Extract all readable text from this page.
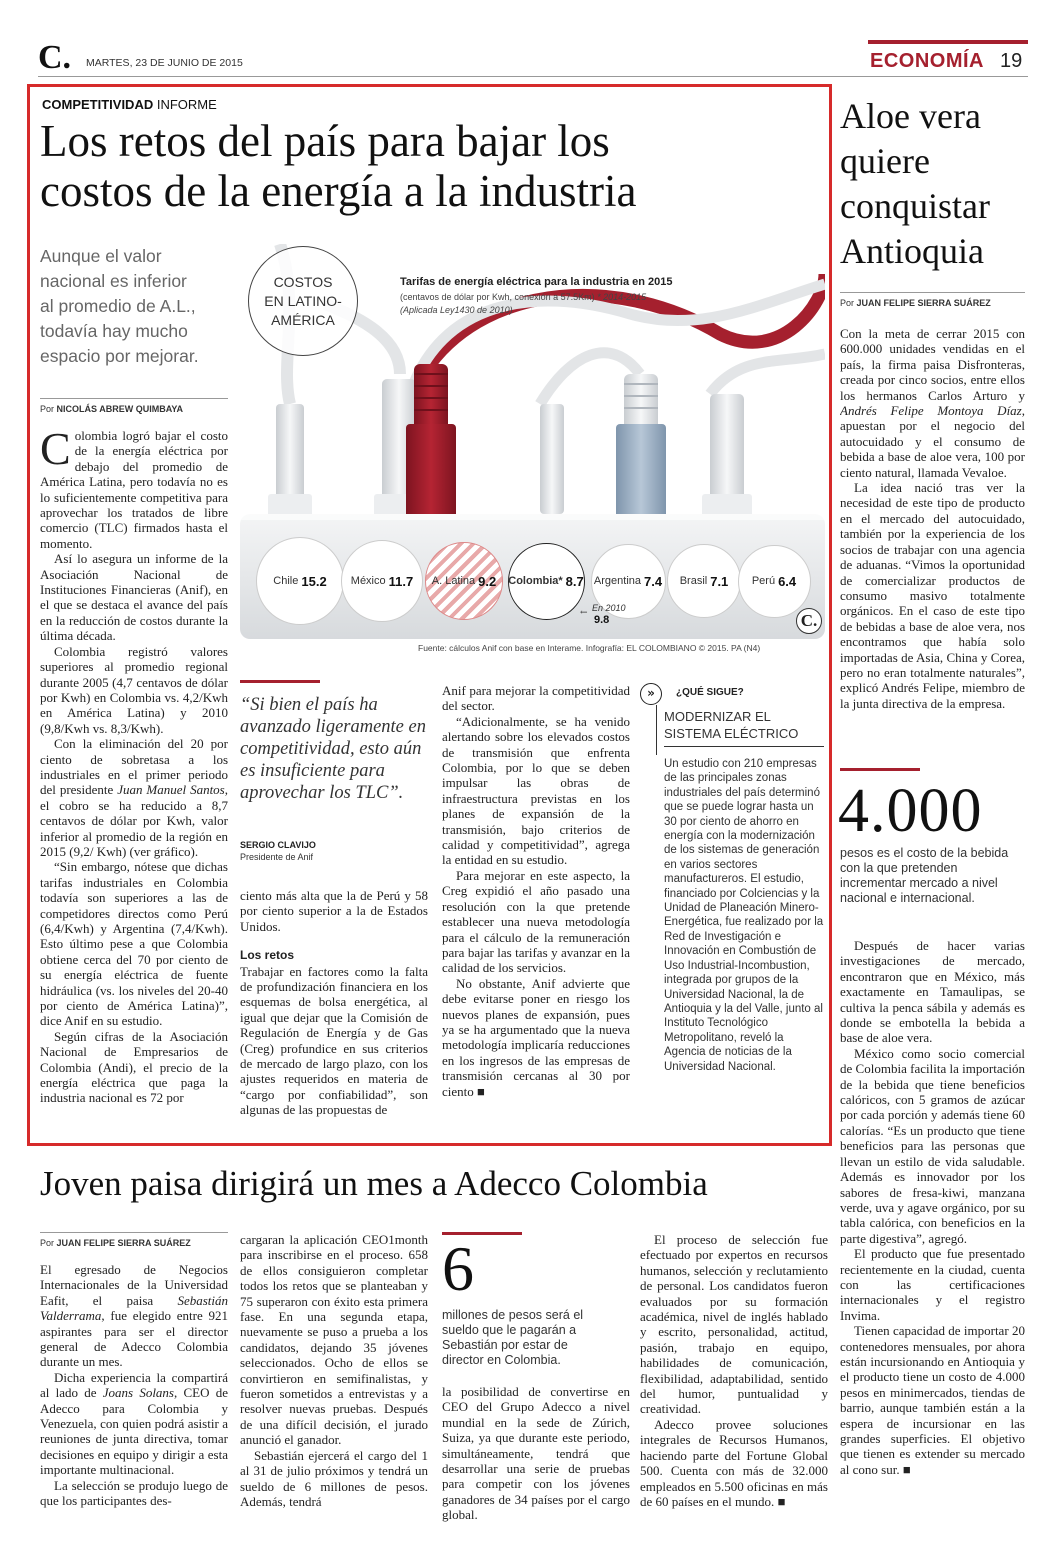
C. MARTES, 23 DE JUNIO DE 2015	ECONOMÍA 19
COMPETITIVIDAD INFORME
Los retos del país para bajar los
costos de la energía a la industria
Aunque el valor
nacional es inferior
al promedio de A.L.,
todavía hay mucho
espacio por mejorar.
Por NICOLÁS ABREW QUIMBAYA

Colombia logró bajar el costo de la energía eléctrica por debajo del promedio de América Latina, pero todavía no es lo suficientemente competitiva para aprovechar los tratados de libre comercio (TLC) firmados hasta el momento.

Así lo asegura un informe de la Asociación Nacional de Instituciones Financieras (Anif), en el que se destaca el avance del país en la reducción de costos durante la última década.

Colombia registró valores superiores al promedio regional durante 2005 (4,7 centavos de dólar por Kwh) en Colombia vs. 4,2/Kwh en América Latina) y 2010 (9,8/Kwh vs. 8,3/Kwh).

Con la eliminación del 20 por ciento de sobretasa a los industriales en el primer periodo del presidente Juan Manuel Santos, el cobro se ha reducido a 8,7 centavos de dólar por Kwh, valor inferior al promedio de la región en 2015 (9,2/ Kwh) (ver gráfico).

“Sin embargo, nótese que dichas tarifas industriales en Colombia todavía son superiores a las de competidores directos como Perú (6,4/Kwh) y Argentina (7,4/Kwh). Esto último pese a que Colombia obtiene cerca del 70 por ciento de su energía eléctrica de fuente hidráulica (vs. los niveles del 20-40 por ciento de América Latina)”, dice Anif en su estudio.

Según cifras de la Asociación Nacional de Empresarios de Colombia (Andi), el precio de la energía eléctrica que paga la industria nacional es 72 por

COSTOS
EN LATINO-
AMÉRICA
Tarifas de energía eléctrica para la industria en 2015
(centavos de dólar por Kwh, conexión a 57.5Km) * 2014-2015
(Aplicada Ley1430 de 2010)
Chile 15.2 México 11.7 A. Latina 9.2 Colombia* 8.7 Argentina 7.4 Brasil 7.1 Perú 6.4
En 2010
9.8
←	C.
Fuente: cálculos Anif con base en Interame. Infografía: EL COLOMBIANO © 2015. PA (N4)
“Si bien el país ha avanzado ligeramente en competitividad, esto aún es insuficiente para aprovechar los TLC”.
SERGIO CLAVIJO
Presidente de Anif

ciento más alta que la de Perú y 58 por ciento superior a la de Estados Unidos.

Los retos

Trabajar en factores como la falta de profundización financiera en los esquemas de bolsa energética, al igual que dejar que la Comisión de Regulación de Energía y de Gas (Creg) profundice en sus criterios de mercado de largo plazo, con los ajustes requeridos en materia de “cargo por confiabilidad”, son algunas de las propuestas de

Anif para mejorar la competitividad del sector.

“Adicionalmente, se ha venido alertando sobre los elevados costos de transmisión que enfrenta Colombia, por lo que se deben impulsar las obras de infraestructura previstas en los planes de expansión de la transmisión, bajo criterios de calidad y competitividad”, agrega la entidad en su estudio.

Para mejorar en este aspecto, la Creg expidió el año pasado una resolución con la que pretende establecer una nueva metodología para el cálculo de la remuneración para bajar las tarifas y avanzar en la calidad de los servicios.

No obstante, Anif advierte que debe evitarse poner en riesgo los nuevos planes de expansión, pues ya se ha argumentado que la nueva metodología implicaría reducciones en los ingresos de las empresas de transmisión cercanas al 30 por ciento ■

»	¿QUÉ SIGUE?
MODERNIZAR EL SISTEMA ELÉCTRICO
Un estudio con 210 empresas de las principales zonas industriales del país determinó que se puede lograr hasta un 30 por ciento de ahorro en energía con la modernización de los sistemas de generación en varios sectores manufactureros. El estudio, financiado por Colciencias y la Unidad de Planeación Minero-Energética, fue realizado por la Red de Investigación e Innovación en Combustión de Uso Industrial-Incombustion, integrada por grupos de la Universidad Nacional, la de Antioquia y la del Valle, junto al Instituto Tecnológico Metropolitano, reveló la Agencia de noticias de la Universidad Nacional.
Aloe vera
quiere
conquistar
Antioquia
Por JUAN FELIPE SIERRA SUÁREZ

Con la meta de cerrar 2015 con 600.000 unidades vendidas en el país, la firma paisa Disfronteras, creada por cinco socios, entre ellos los hermanos Carlos Arturo y Andrés Felipe Montoya Díaz, apuestan por el negocio del autocuidado y el consumo de bebida a base de aloe vera, 100 por ciento natural, llamada Vevaloe.

La idea nació tras ver la necesidad de este tipo de producto en el mercado del autocuidado, también por la experiencia de los socios de trabajar con una agencia de aduanas. “Vimos la oportunidad de comercializar productos de consumo masivo totalmente orgánicos. En el caso de este tipo de bebidas a base de aloe vera, nos encontramos que había solo importadas de Asia, China y Corea, pero no eran totalmente naturales”, explicó Andrés Felipe, miembro de la junta directiva de la empresa.

4.000
pesos es el costo de la bebida con la que pretenden incrementar mercado a nivel nacional e internacional.

Después de hacer varias investigaciones de mercado, encontraron que en México, más exactamente en Tamaulipas, se cultiva la penca sábila y además es donde se embotella la bebida a base de aloe vera.

México como socio comercial de Colombia facilita la importación de la bebida que tiene beneficios calóricos, con 5 gramos de azúcar por cada porción y además tiene 60 calorías. “Es un producto que tiene beneficios para las personas que llevan un estilo de vida saludable. Además es innovador por los sabores de fresa-kiwi, manzana verde, uva y agave orgánico, por su tabla calórica, con beneficios en la parte digestiva”, agregó.

El producto que fue presentado recientemente en la ciudad, cuenta con las certificaciones internacionales y el registro Invima.

Tienen capacidad de importar 20 contenedores mensuales, por ahora están incursionando en Antioquia y el producto tiene un costo de 4.000 pesos en minimercados, tiendas de barrio, aunque también están a la espera de incursionar en las grandes superficies. El objetivo que tienen es extender su mercado al cono sur. ■

Joven paisa dirigirá un mes a Adecco Colombia
Por JUAN FELIPE SIERRA SUÁREZ

El egresado de Negocios Internacionales de la Universidad Eafit, el paisa Sebastián Valderrama, fue elegido entre 921 aspirantes para ser el director general de Adecco Colombia durante un mes.

Dicha experiencia la compartirá al lado de Joans Solans, CEO de Adecco para Colombia y Venezuela, con quien podrá asistir a reuniones de junta directiva, tomar decisiones en equipo y dirigir a esta importante multinacional.

La selección se produjo luego de que los participantes des-

cargaran la aplicación CEO1month para inscribirse en el proceso. 658 de ellos consiguieron completar todos los retos que se planteaban y 75 superaron con éxito esta primera fase. En una segunda etapa, nuevamente se puso a prueba a los candidatos, dejando 35 jóvenes seleccionados. Ocho de ellos se convirtieron en semifinalistas, y fueron sometidos a entrevistas y a resolver nuevas pruebas. Después de una difícil decisión, el jurado anunció el ganador.

Sebastián ejercerá el cargo del 1 al 31 de julio próximos y tendrá un sueldo de 6 millones de pesos. Además, tendrá

6
millones de pesos será el sueldo que le pagarán a Sebastián por estar de director en Colombia.

la posibilidad de convertirse en CEO del Grupo Adecco a nivel mundial en la sede de Zúrich, Suiza, ya que durante este periodo, simultáneamente, tendrá que desarrollar una serie de pruebas para competir con los jóvenes ganadores de 34 países por el cargo global.

El proceso de selección fue efectuado por expertos en recursos humanos, selección y reclutamiento de personal. Los candidatos fueron evaluados por su formación académica, nivel de inglés hablado y escrito, personalidad, actitud, pasión, trabajo en equipo, habilidades de comunicación, flexibilidad, adaptabilidad, sentido del humor, puntualidad y creatividad.

Adecco provee soluciones integrales de Recursos Humanos, haciendo parte del Fortune Global 500. Cuenta con más de 32.000 empleados en 5.500 oficinas en más de 60 países en el mundo. ■
